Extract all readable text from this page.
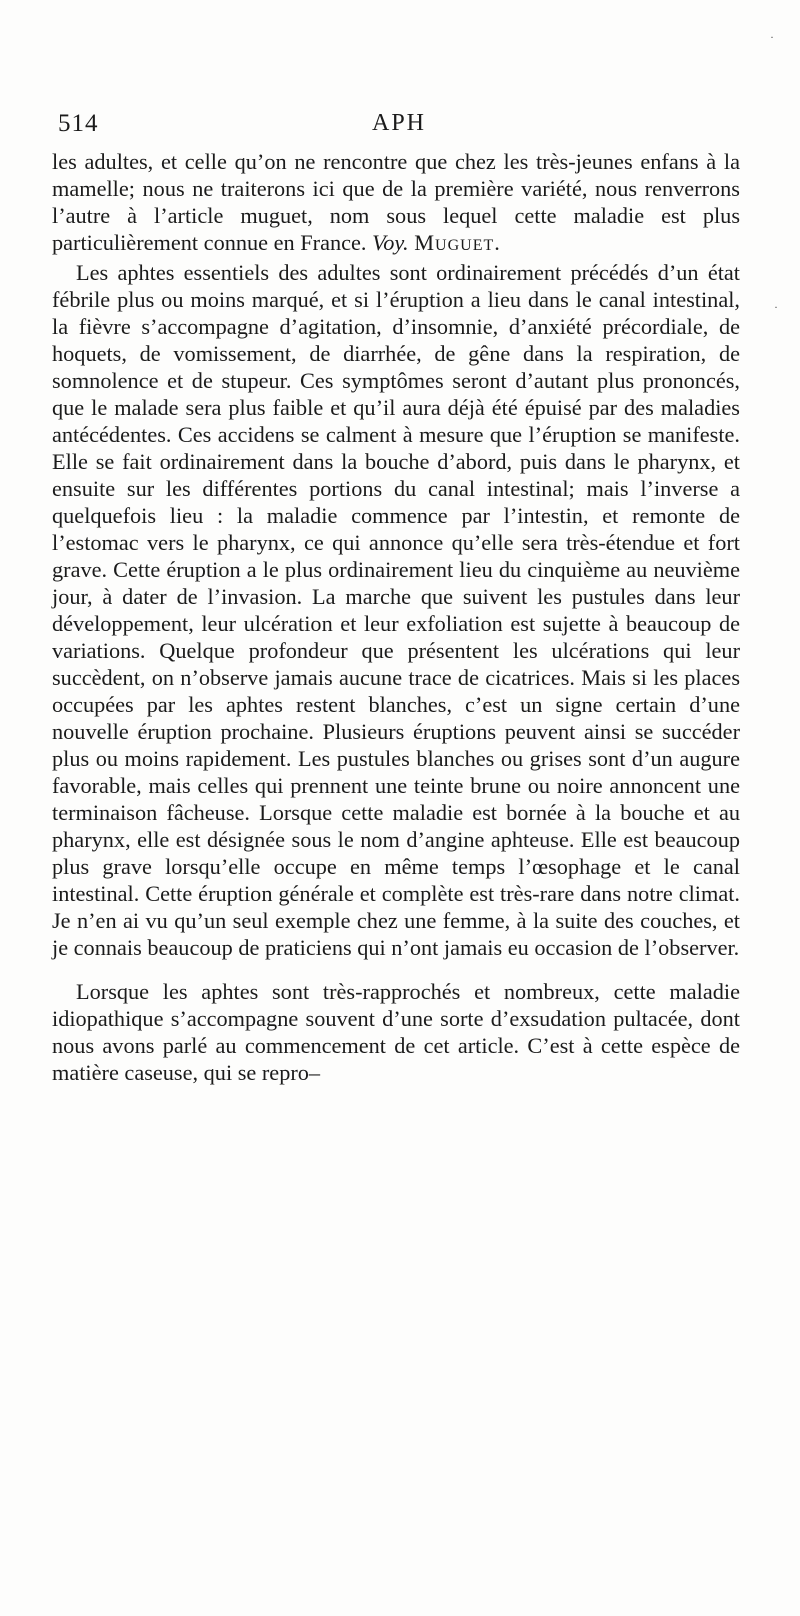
·
·
514	APH

les adultes, et celle qu’on ne rencontre que chez les très-jeunes enfans à la mamelle; nous ne traiterons ici que de la première variété, nous renverrons l’autre à l’article muguet, nom sous lequel cette maladie est plus particulièrement connue en France. Voy. Muguet.

Les aphtes essentiels des adultes sont ordinairement précédés d’un état fébrile plus ou moins marqué, et si l’éruption a lieu dans le canal intestinal, la fièvre s’accompagne d’agitation, d’insomnie, d’anxiété précordiale, de hoquets, de vomissement, de diarrhée, de gêne dans la respiration, de somnolence et de stupeur. Ces symptômes seront d’autant plus prononcés, que le malade sera plus faible et qu’il aura déjà été épuisé par des maladies antécédentes. Ces accidens se calment à mesure que l’éruption se manifeste. Elle se fait ordinairement dans la bouche d’abord, puis dans le pharynx, et ensuite sur les différentes portions du canal intestinal; mais l’inverse a quelquefois lieu : la maladie commence par l’intestin, et remonte de l’estomac vers le pharynx, ce qui annonce qu’elle sera très-étendue et fort grave. Cette éruption a le plus ordinairement lieu du cinquième au neuvième jour, à dater de l’invasion. La marche que suivent les pustules dans leur développement, leur ulcération et leur exfoliation est sujette à beaucoup de variations. Quelque profondeur que présentent les ulcérations qui leur succèdent, on n’observe jamais aucune trace de cicatrices. Mais si les places occupées par les aphtes restent blanches, c’est un signe certain d’une nouvelle éruption prochaine. Plusieurs éruptions peuvent ainsi se succéder plus ou moins rapidement. Les pustules blanches ou grises sont d’un augure favorable, mais celles qui prennent une teinte brune ou noire annoncent une terminaison fâcheuse. Lorsque cette maladie est bornée à la bouche et au pharynx, elle est désignée sous le nom d’angine aphteuse. Elle est beaucoup plus grave lorsqu’elle occupe en même temps l’œsophage et le canal intestinal. Cette éruption générale et complète est très-rare dans notre climat. Je n’en ai vu qu’un seul exemple chez une femme, à la suite des couches, et je connais beaucoup de praticiens qui n’ont jamais eu occasion de l’observer.

Lorsque les aphtes sont très-rapprochés et nombreux, cette maladie idiopathique s’accompagne souvent d’une sorte d’exsudation pultacée, dont nous avons parlé au commencement de cet article. C’est à cette espèce de matière caseuse, qui se repro–
